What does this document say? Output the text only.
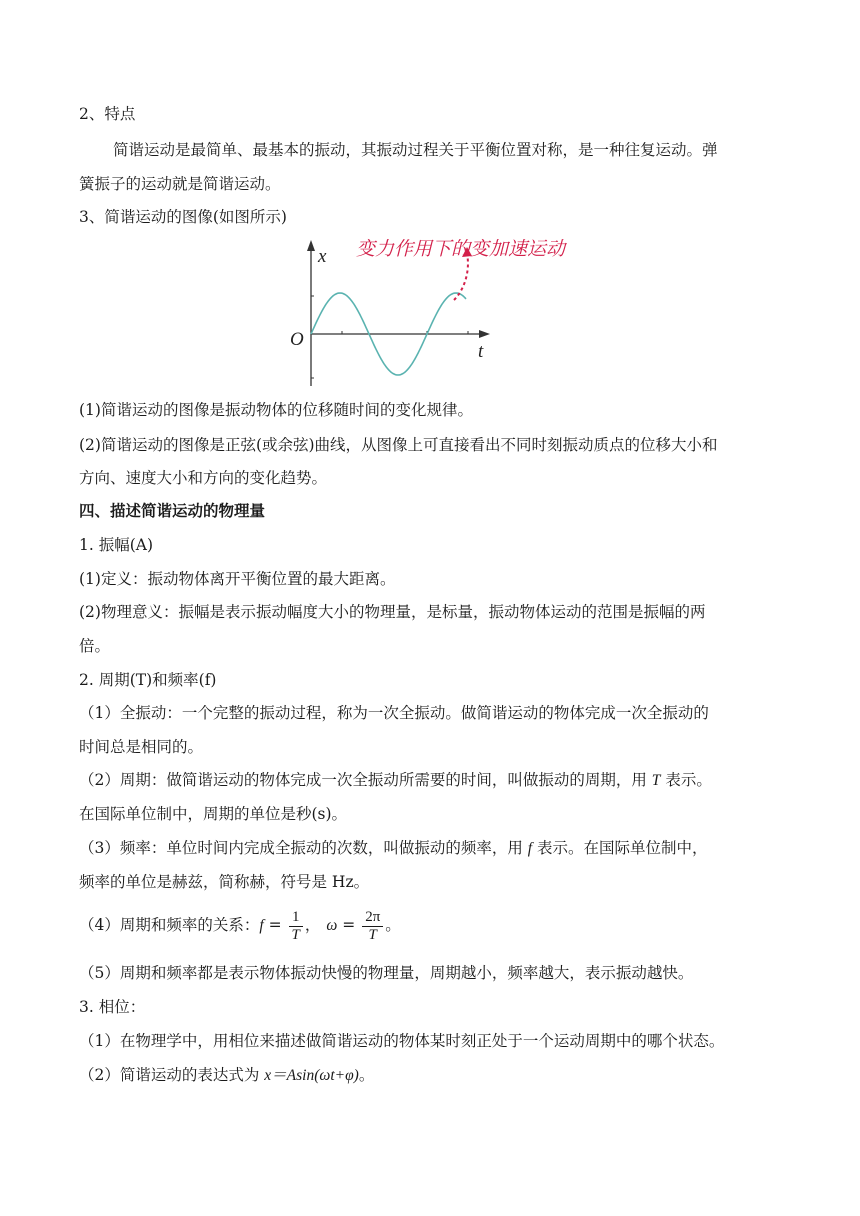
2、特点
简谐运动是最简单、最基本的振动，其振动过程关于平衡位置对称，是一种往复运动。弹
簧振子的运动就是简谐运动。
3、简谐运动的图像(如图所示)
x
O
t
变力作用下的变加速运动
(1)简谐运动的图像是振动物体的位移随时间的变化规律。
(2)简谐运动的图像是正弦(或余弦)曲线，从图像上可直接看出不同时刻振动质点的位移大小和
方向、速度大小和方向的变化趋势。
四、描述简谐运动的物理量
1. 振幅(A)
(1)定义：振动物体离开平衡位置的最大距离。
(2)物理意义：振幅是表示振动幅度大小的物理量，是标量，振动物体运动的范围是振幅的两
倍。
2. 周期(T)和频率(f)
（1）全振动：一个完整的振动过程，称为一次全振动。做简谐运动的物体完成一次全振动的
时间总是相同的。
（2）周期：做简谐运动的物体完成一次全振动所需要的时间，叫做振动的周期，用 T 表示。
在国际单位制中，周期的单位是秒(s)。
（3）频率：单位时间内完成全振动的次数，叫做振动的频率，用 f 表示。在国际单位制中，
频率的单位是赫兹，简称赫，符号是 Hz。
（4）周期和频率的关系：$f = \frac{1}{T}$ ， $\omega = \frac{2\pi}{T}$ 。
（5）周期和频率都是表示物体振动快慢的物理量，周期越小，频率越大，表示振动越快。
3. 相位：
（1）在物理学中，用相位来描述做简谐运动的物体某时刻正处于一个运动周期中的哪个状态。
（2）简谐运动的表达式为 x＝Asin(ωt+φ)。
